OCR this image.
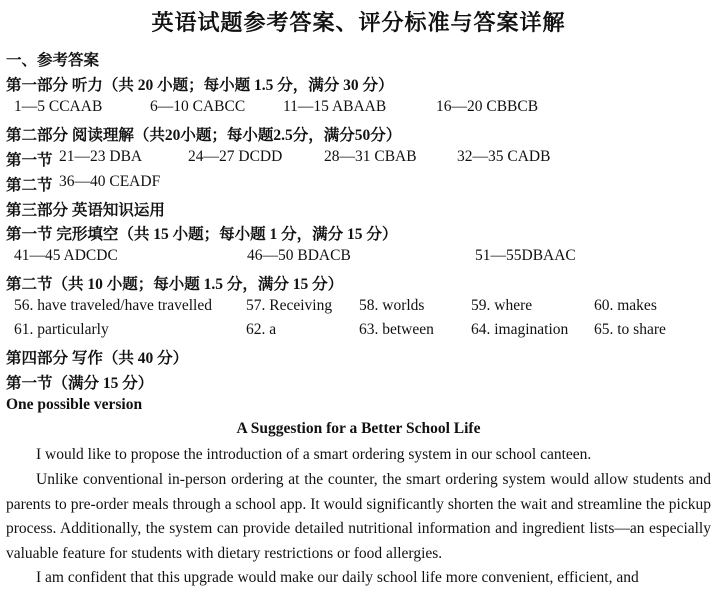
英语试题参考答案、评分标准与答案详解
一、参考答案
第一部分 听力（共 20 小题；每小题 1.5 分，满分 30 分）
1—5 CCAAB	6—10 CABCC 11—15 ABAAB	16—20 CBBCB
第二部分 阅读理解（共20小题；每小题2.5分，满分50分）
第一节 21—23 DBA	24—27 DCDD	28—31 CBAB	32—35 CADB
第二节 36—40 CEADF
第三部分 英语知识运用
第一节 完形填空（共 15 小题；每小题 1 分，满分 15 分）
41—45 ADCDC	46—50 BDACB	51—55DBAAC
第二节（共 10 小题；每小题 1.5 分，满分 15 分）
56. have traveled/have travelled 57. Receiving 58. worlds	59. where	60. makes
61. particularly	62. a	63. between 64. imagination 65. to share
第四部分 写作（共 40 分）
第一节（满分 15 分）
One possible version
A Suggestion for a Better School Life

I would like to propose the introduction of a smart ordering system in our school canteen.

Unlike conventional in-person ordering at the counter, the smart ordering system would allow students and parents to pre-order meals through a school app. It would significantly shorten the wait and streamline the pickup process. Additionally, the system can provide detailed nutritional information and ingredient lists—an especially valuable feature for students with dietary restrictions or food allergies.

I am confident that this upgrade would make our daily school life more convenient, efficient, and
